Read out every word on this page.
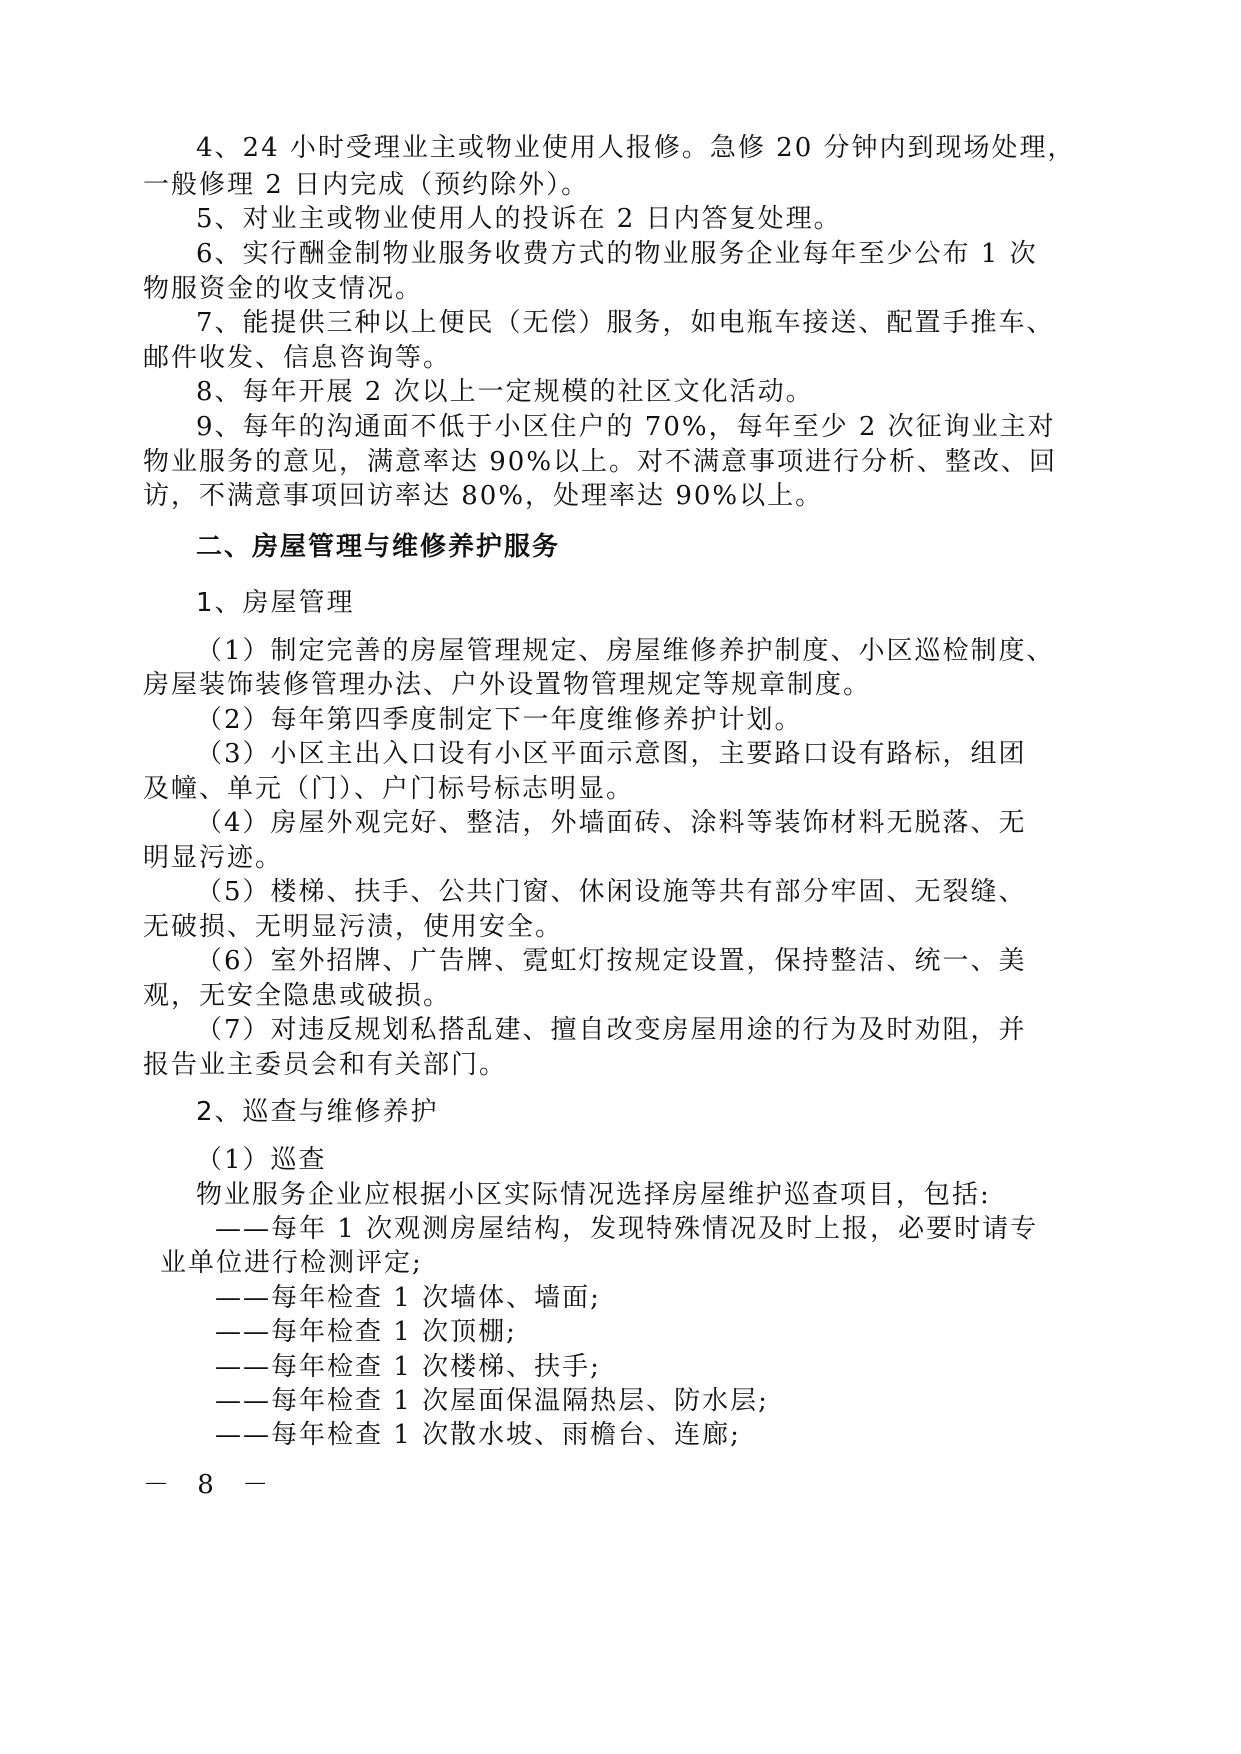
4、24 小时受理业主或物业使用人报修。急修 20 分钟内到现场处理，
一般修理 2 日内完成（预约除外）。
5、对业主或物业使用人的投诉在 2 日内答复处理。
6、实行酬金制物业服务收费方式的物业服务企业每年至少公布 1 次
物服资金的收支情况。
7、能提供三种以上便民（无偿）服务，如电瓶车接送、配置手推车、
邮件收发、信息咨询等。
8、每年开展 2 次以上一定规模的社区文化活动。
9、每年的沟通面不低于小区住户的 70%，每年至少 2 次征询业主对
物业服务的意见，满意率达 90%以上。对不满意事项进行分析、整改、回
访，不满意事项回访率达 80%，处理率达 90%以上。
二、房屋管理与维修养护服务
1、房屋管理
（1）制定完善的房屋管理规定、房屋维修养护制度、小区巡检制度、
房屋装饰装修管理办法、户外设置物管理规定等规章制度。
（2）每年第四季度制定下一年度维修养护计划。
（3）小区主出入口设有小区平面示意图，主要路口设有路标，组团
及幢、单元（门）、户门标号标志明显。
（4）房屋外观完好、整洁，外墙面砖、涂料等装饰材料无脱落、无
明显污迹。
（5）楼梯、扶手、公共门窗、休闲设施等共有部分牢固、无裂缝、
无破损、无明显污渍，使用安全。
（6）室外招牌、广告牌、霓虹灯按规定设置，保持整洁、统一、美
观，无安全隐患或破损。
（7）对违反规划私搭乱建、擅自改变房屋用途的行为及时劝阻，并
报告业主委员会和有关部门。
2、巡查与维修养护
（1）巡查
物业服务企业应根据小区实际情况选择房屋维护巡查项目，包括:
——每年 1 次观测房屋结构，发现特殊情况及时上报，必要时请专
业单位进行检测评定;
——每年检查 1 次墙体、墙面;
——每年检查 1 次顶棚;
——每年检查 1 次楼梯、扶手;
——每年检查 1 次屋面保温隔热层、防水层;
——每年检查 1 次散水坡、雨檐台、连廊;
－ 8 －
